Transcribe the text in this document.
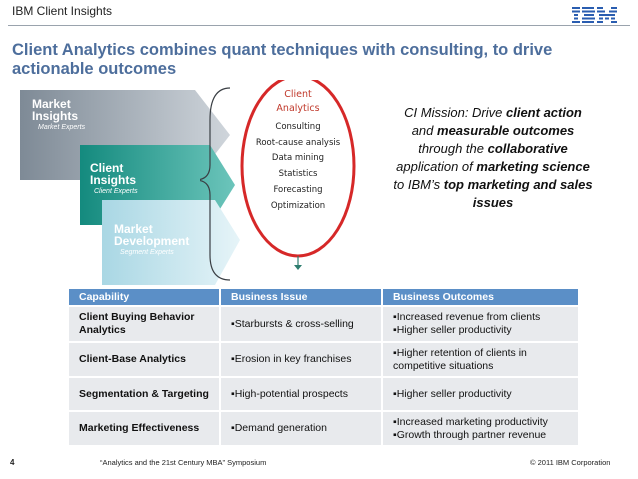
IBM Client Insights
Client Analytics combines quant techniques with consulting, to drive actionable outcomes
Market
Insights
Market Experts
Client
Insights
Client Experts
Market
Development
Segment Experts
Client
Analytics
Consulting
Root-cause analysis
Data mining
Statistics
Forecasting
Optimization
CI Mission: Drive client action and measurable outcomes through the collaborative application of marketing science to IBM’s top marketing and sales issues
Capability	Business Issue	Business Outcomes
Client Buying Behavior Analytics	▪Starbursts & cross-selling	▪Increased revenue from clients
▪Higher seller productivity

Client-Base Analytics	▪Erosion in key franchises	▪Higher retention of clients in competitive situations
Segmentation & Targeting	▪High-potential prospects	▪Higher seller productivity
Marketing Effectiveness	▪Demand generation	▪Increased marketing productivity
▪Growth through partner revenue
4	“Analytics and the 21st Century MBA” Symposium	© 2011 IBM Corporation
